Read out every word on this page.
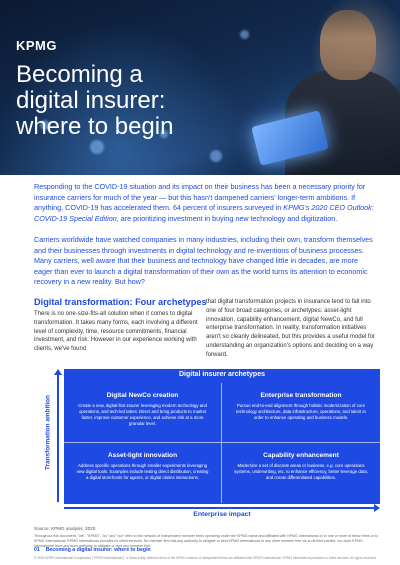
KPMG
Becoming a
digital insurer:
where to begin

Responding to the COVID-19 situation and its impact on their business has been a necessary priority for insurance carriers for much of the year — but this hasn't dampened carriers' longer-term ambitions. If anything, COVID-19 has accelerated them. 64 percent of insurers surveyed in KPMG's 2020 CEO Outlook: COVID-19 Special Edition, are prioritizing investment in buying new technology and digitization.

Carriers worldwide have watched companies in many industries, including their own, transform themselves and their businesses through investments in digital technology and re-inventions of business processes. Many carriers, well aware that their business and technology have changed little in decades, are more eager than ever to launch a digital transformation of their own as the world turns its attention to economic recovery in a new reality. But how?

Digital transformation: Four archetypes

There is no one-size-fits-all solution when it comes to digital transformation. It takes many forms, each involving a different level of complexity, time, resource commitments, financial investment, and risk. However in our experience working with clients, we've found

that digital transformation projects in insurance tend to fall into one of four broad categories, or archetypes: asset-light innovation, capability enhancement, digital NewCo, and full enterprise transformation. In reality, transformation initiatives aren't so cleanly delineated, but this provides a useful model for understanding an organization's options and deciding on a way forward.

Transformation ambition
Digital insurer archetypes
Digital NewCo creation
Create a new, digital-first insurer leveraging modern technology and operations, and tech-led talent. Direct and bring products to market faster, improve customer experience, and achieve risk at a more granular level.
Enterprise transformation
Pursue end-to-end alignment through holistic modernization of core technology architecture, data infrastructure, operations, and talent in order to enhance operating and business models.
Asset-light innovation
Address specific operations through smaller experiments leveraging new digital tools. Examples include testing direct distribution, creating a digital storefronts for agents, or digital claims interactions.
Capability enhancement
Modernize a set of discrete areas or business, e.g. core operations systems, underwriting, etc. to enhance efficiency, better leverage data, and create differentiated capabilities.
Enterprise impact

Source: KPMG analysis, 2020

Throughout this document, "we", "KPMG", "us" and "our" refer to the network of independent member firms operating under the KPMG name and affiliated with KPMG International or to one or more of these firms or to KPMG International. KPMG International provides no client services. No member firm has any authority to obligate or bind KPMG International or any other member firm vis-à-vis third parties, nor does KPMG International have any such authority to obligate or bind any member firm.

01 Becoming a digital insurer: where to begin

© 2020 KPMG International Cooperative ("KPMG International"), a Swiss entity. Member firms of the KPMG network of independent firms are affiliated with KPMG International. KPMG International provides no client services. All rights reserved.
